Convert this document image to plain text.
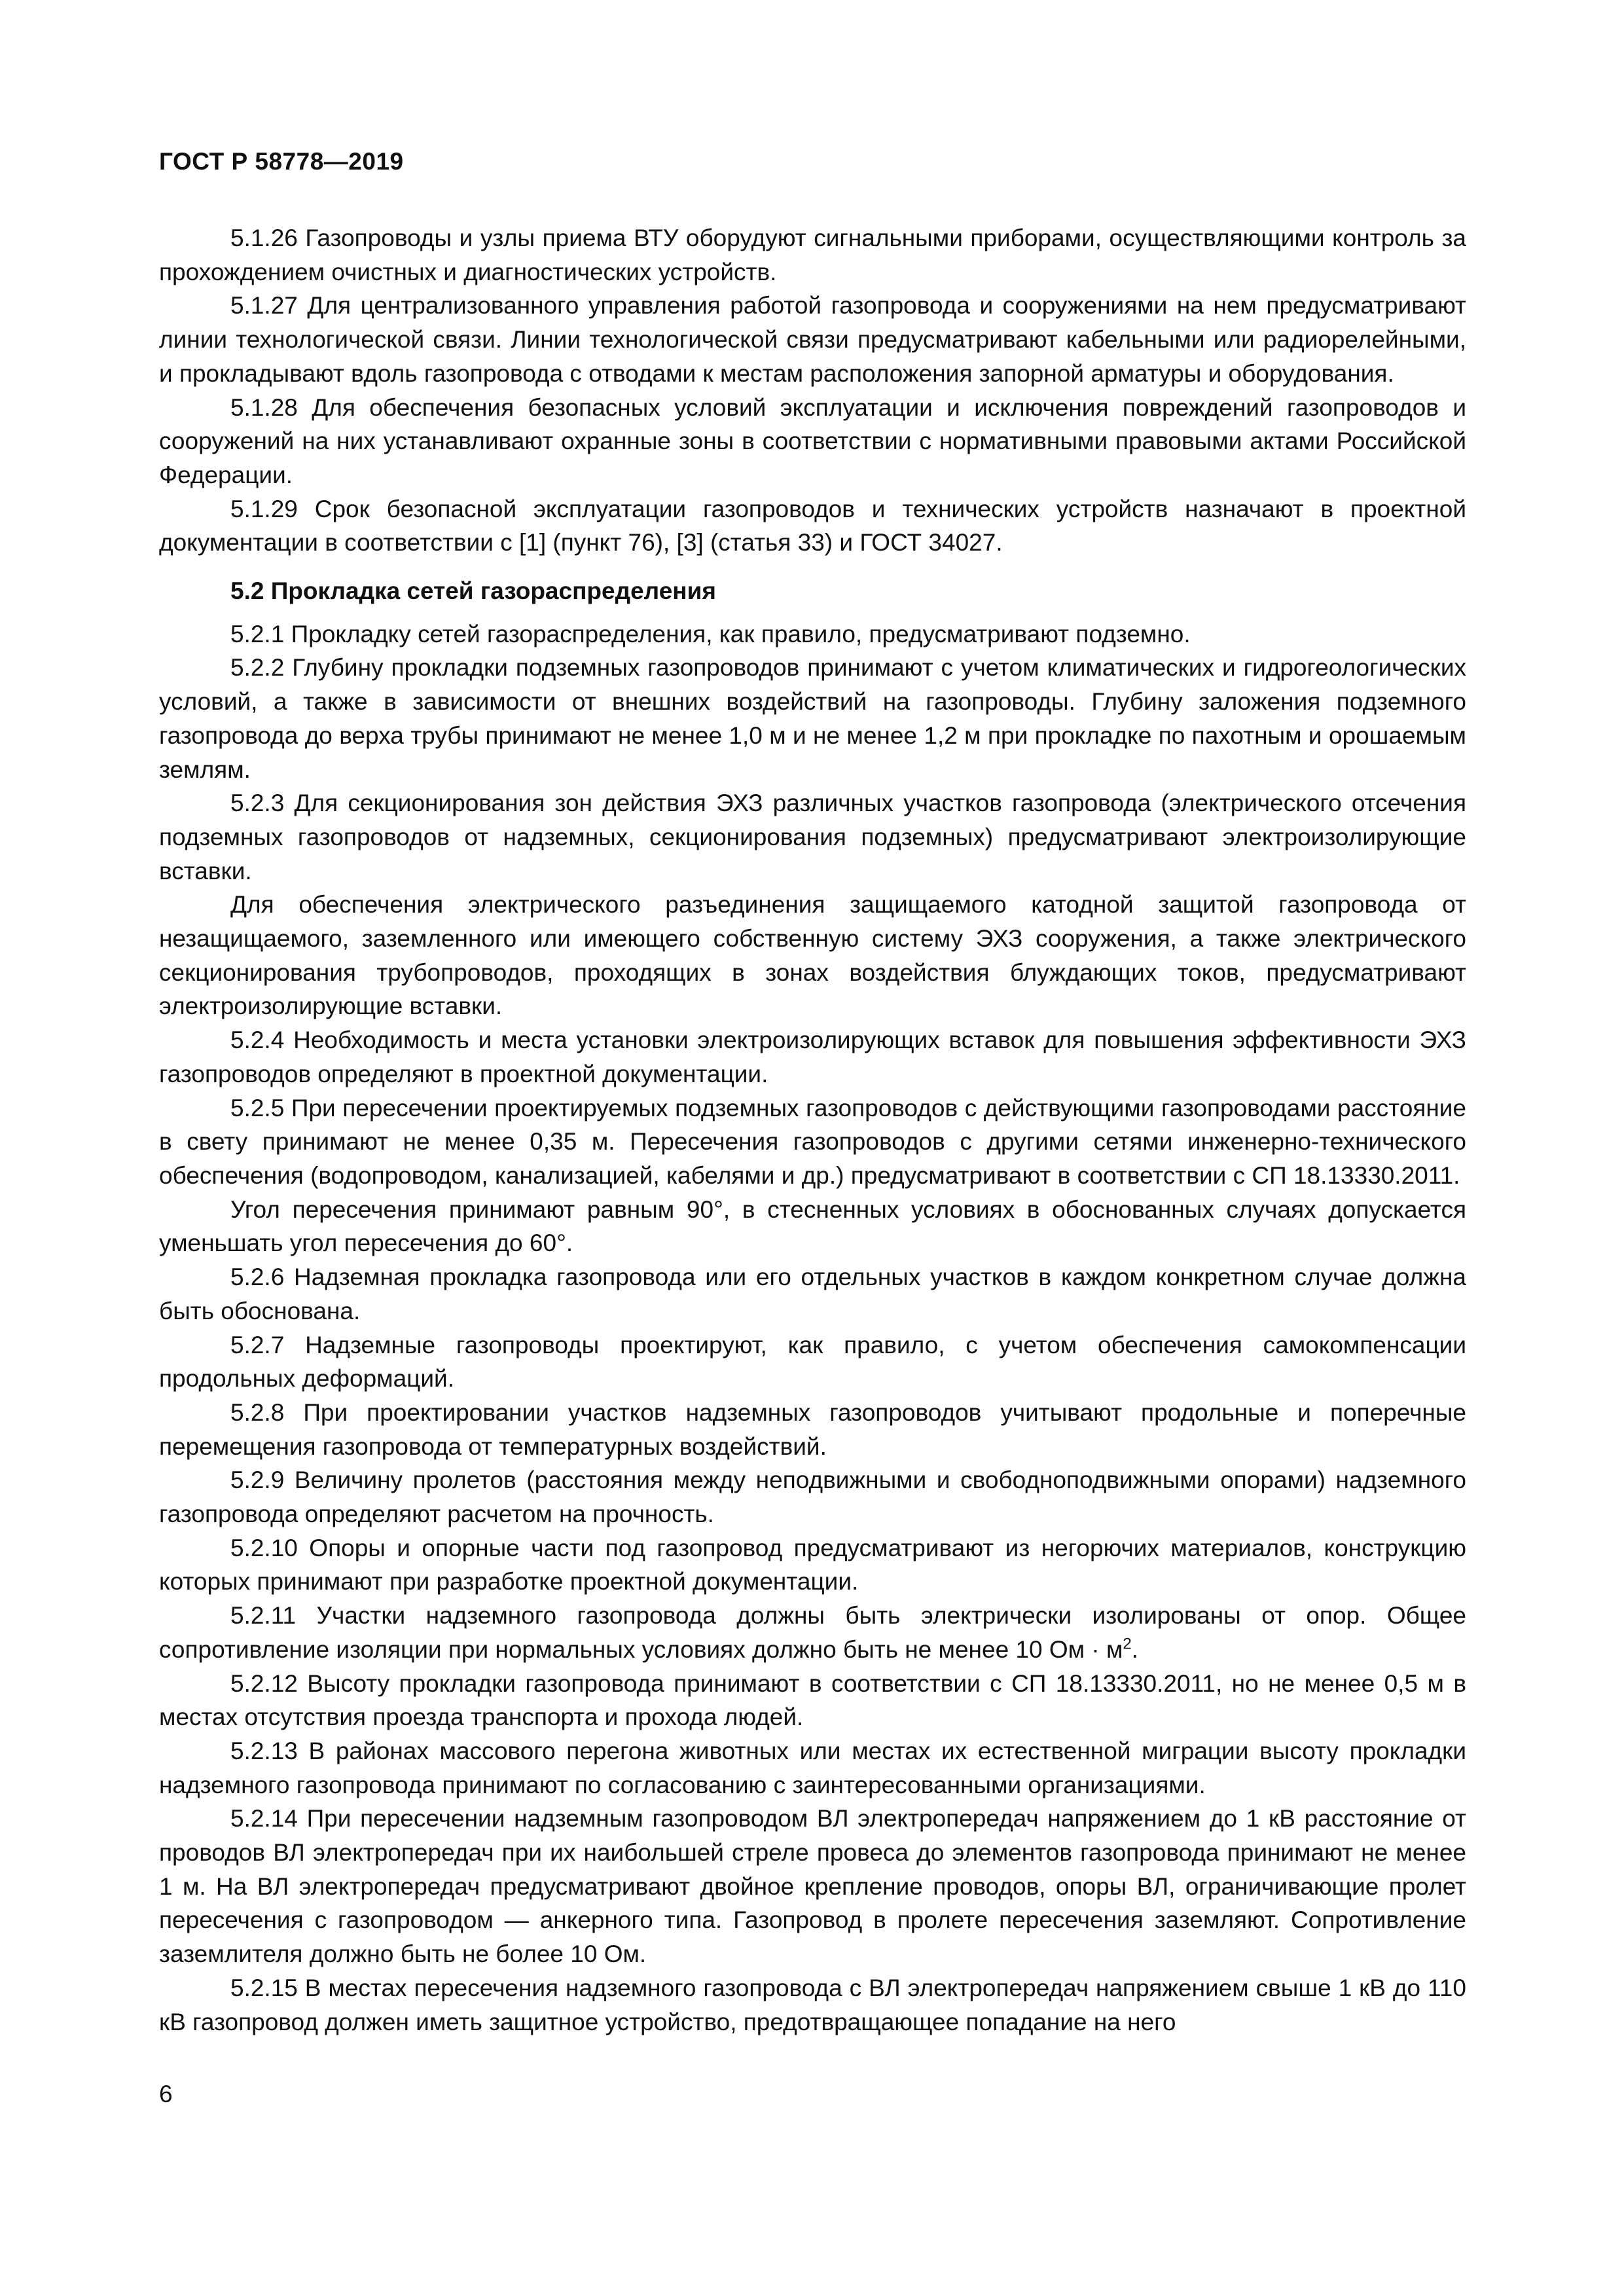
ГОСТ Р 58778—2019

5.1.26 Газопроводы и узлы приема ВТУ оборудуют сигнальными приборами, осуществляющими контроль за прохождением очистных и диагностических устройств.

5.1.27 Для централизованного управления работой газопровода и сооружениями на нем предусматривают линии технологической связи. Линии технологической связи предусматривают кабельными или радиорелейными, и прокладывают вдоль газопровода с отводами к местам расположения запорной арматуры и оборудования.

5.1.28 Для обеспечения безопасных условий эксплуатации и исключения повреждений газопроводов и сооружений на них устанавливают охранные зоны в соответствии с нормативными правовыми актами Российской Федерации.

5.1.29 Срок безопасной эксплуатации газопроводов и технических устройств назначают в проектной документации в соответствии с [1] (пункт 76), [3] (статья 33) и ГОСТ 34027.

5.2 Прокладка сетей газораспределения

5.2.1 Прокладку сетей газораспределения, как правило, предусматривают подземно.

5.2.2 Глубину прокладки подземных газопроводов принимают с учетом климатических и гидрогеологических условий, а также в зависимости от внешних воздействий на газопроводы. Глубину заложения подземного газопровода до верха трубы принимают не менее 1,0 м и не менее 1,2 м при прокладке по пахотным и орошаемым землям.

5.2.3 Для секционирования зон действия ЭХЗ различных участков газопровода (электрического отсечения подземных газопроводов от надземных, секционирования подземных) предусматривают электроизолирующие вставки.

Для обеспечения электрического разъединения защищаемого катодной защитой газопровода от незащищаемого, заземленного или имеющего собственную систему ЭХЗ сооружения, а также электрического секционирования трубопроводов, проходящих в зонах воздействия блуждающих токов, предусматривают электроизолирующие вставки.

5.2.4 Необходимость и места установки электроизолирующих вставок для повышения эффективности ЭХЗ газопроводов определяют в проектной документации.

5.2.5 При пересечении проектируемых подземных газопроводов с действующими газопроводами расстояние в свету принимают не менее 0,35 м. Пересечения газопроводов с другими сетями инженерно-технического обеспечения (водопроводом, канализацией, кабелями и др.) предусматривают в соответствии с СП 18.13330.2011.

Угол пересечения принимают равным 90°, в стесненных условиях в обоснованных случаях допускается уменьшать угол пересечения до 60°.

5.2.6 Надземная прокладка газопровода или его отдельных участков в каждом конкретном случае должна быть обоснована.

5.2.7 Надземные газопроводы проектируют, как правило, с учетом обеспечения самокомпенсации продольных деформаций.

5.2.8 При проектировании участков надземных газопроводов учитывают продольные и поперечные перемещения газопровода от температурных воздействий.

5.2.9 Величину пролетов (расстояния между неподвижными и свободноподвижными опорами) надземного газопровода определяют расчетом на прочность.

5.2.10 Опоры и опорные части под газопровод предусматривают из негорючих материалов, конструкцию которых принимают при разработке проектной документации.

5.2.11 Участки надземного газопровода должны быть электрически изолированы от опор. Общее сопротивление изоляции при нормальных условиях должно быть не менее 10 Ом · $м^2$.

5.2.12 Высоту прокладки газопровода принимают в соответствии с СП 18.13330.2011, но не менее 0,5 м в местах отсутствия проезда транспорта и прохода людей.

5.2.13 В районах массового перегона животных или местах их естественной миграции высоту прокладки надземного газопровода принимают по согласованию с заинтересованными организациями.

5.2.14 При пересечении надземным газопроводом ВЛ электропередач напряжением до 1 кВ расстояние от проводов ВЛ электропередач при их наибольшей стреле провеса до элементов газопровода принимают не менее 1 м. На ВЛ электропередач предусматривают двойное крепление проводов, опоры ВЛ, ограничивающие пролет пересечения с газопроводом — анкерного типа. Газопровод в пролете пересечения заземляют. Сопротивление заземлителя должно быть не более 10 Ом.

5.2.15 В местах пересечения надземного газопровода с ВЛ электропередач напряжением свыше 1 кВ до 110 кВ газопровод должен иметь защитное устройство, предотвращающее попадание на него

6
